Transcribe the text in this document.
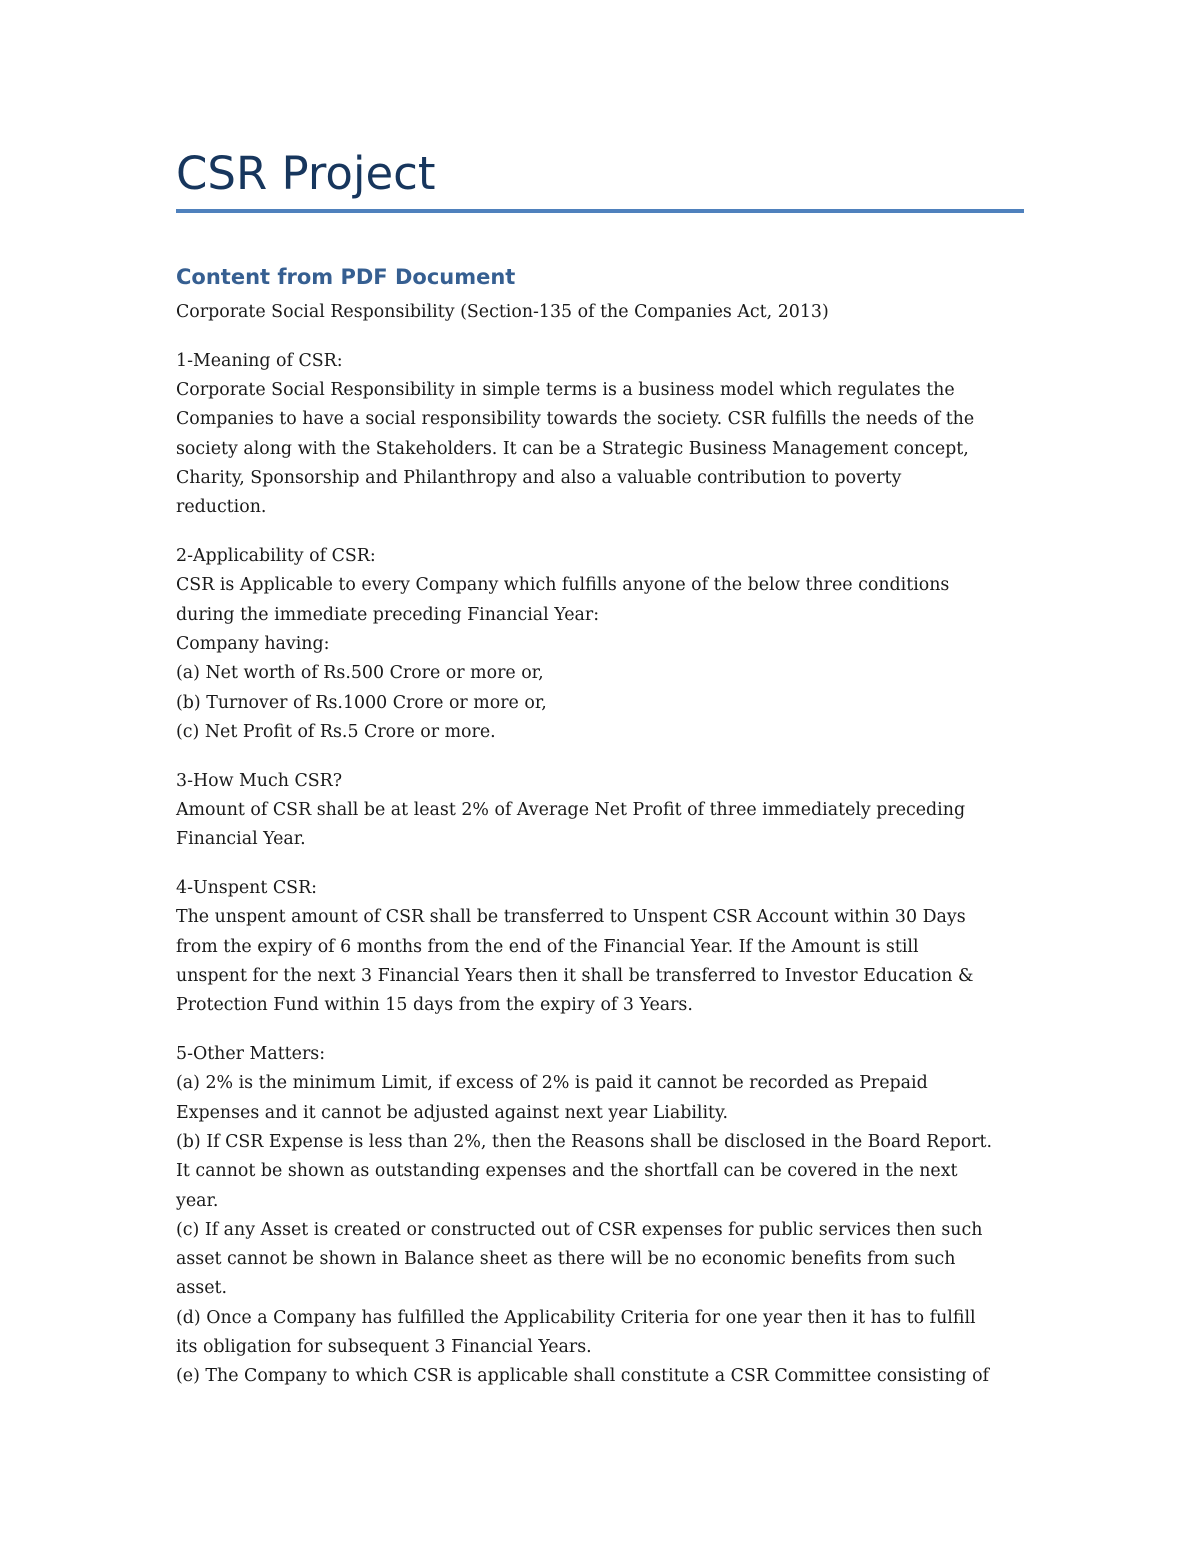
CSR Project
Content from PDF Document

Corporate Social Responsibility (Section-135 of the Companies Act, 2013)

1-Meaning of CSR:
Corporate Social Responsibility in simple terms is a business model which regulates the
Companies to have a social responsibility towards the society. CSR fulfills the needs of the
society along with the Stakeholders. It can be a Strategic Business Management concept,
Charity, Sponsorship and Philanthropy and also a valuable contribution to poverty
reduction.

2-Applicability of CSR:
CSR is Applicable to every Company which fulfills anyone of the below three conditions
during the immediate preceding Financial Year:
Company having:
(a) Net worth of Rs.500 Crore or more or,
(b) Turnover of Rs.1000 Crore or more or,
(c) Net Profit of Rs.5 Crore or more.

3-How Much CSR?
Amount of CSR shall be at least 2% of Average Net Profit of three immediately preceding
Financial Year.

4-Unspent CSR:
The unspent amount of CSR shall be transferred to Unspent CSR Account within 30 Days
from the expiry of 6 months from the end of the Financial Year. If the Amount is still
unspent for the next 3 Financial Years then it shall be transferred to Investor Education &
Protection Fund within 15 days from the expiry of 3 Years.

5-Other Matters:
(a) 2% is the minimum Limit, if excess of 2% is paid it cannot be recorded as Prepaid
Expenses and it cannot be adjusted against next year Liability.
(b) If CSR Expense is less than 2%, then the Reasons shall be disclosed in the Board Report.
It cannot be shown as outstanding expenses and the shortfall can be covered in the next
year.
(c) If any Asset is created or constructed out of CSR expenses for public services then such
asset cannot be shown in Balance sheet as there will be no economic benefits from such
asset.
(d) Once a Company has fulfilled the Applicability Criteria for one year then it has to fulfill
its obligation for subsequent 3 Financial Years.
(e) The Company to which CSR is applicable shall constitute a CSR Committee consisting of
